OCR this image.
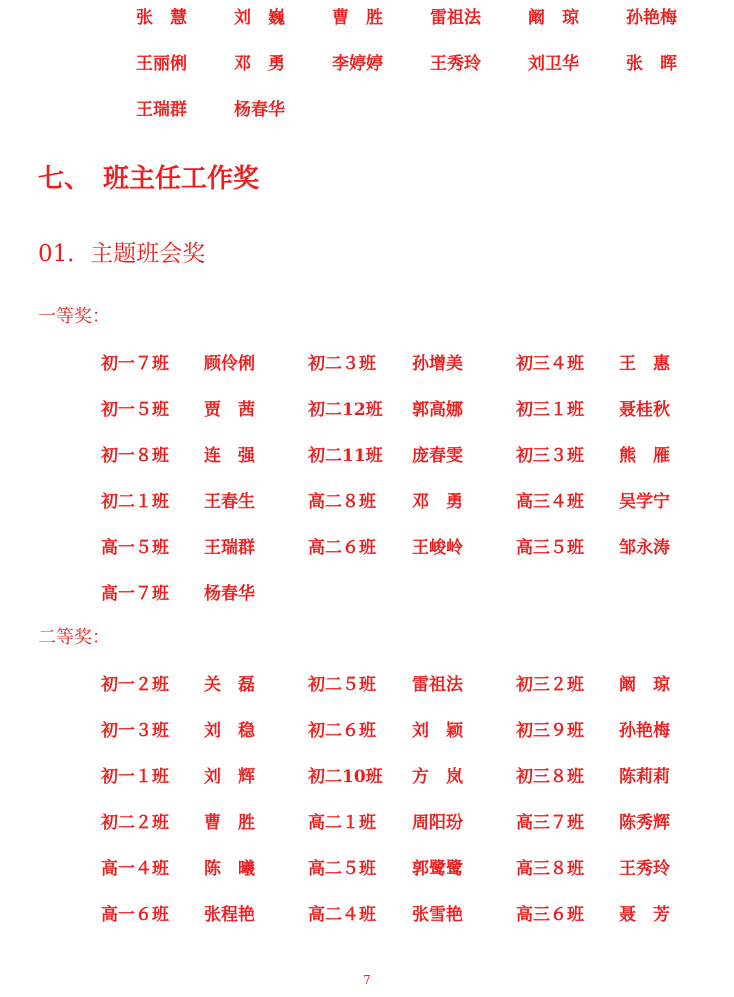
张　慧	刘　巍	曹　胜	雷祖法	阚　琼	孙艳梅
王丽俐	邓　勇	李婷婷	王秀玲	刘卫华	张　晖
王瑞群	杨春华
七、　班主任工作奖
01．主题班会奖

一等奖：

初一７班 顾伶俐	初二３班 孙增美	初三４班 王　惠
初一５班 贾　茜	初二12班 郭高娜	初三１班 聂桂秋
初一８班 连　强	初二11班 庞春雯	初三３班 熊　雁
初二１班 王春生	高二８班 邓　勇	高三４班 吴学宁
高一５班 王瑞群	高二６班 王峻岭	高三５班 邹永涛
高一７班 杨春华

二等奖：

初一２班 关　磊	初二５班 雷祖法	初三２班 阚　琼
初一３班 刘　稳	初二６班 刘　颖	初三９班 孙艳梅
初一１班 刘　辉	初二10班 方　岚	初三８班 陈莉莉
初二２班 曹　胜	高二１班 周阳玢	高三７班 陈秀辉
高一４班 陈　曦	高二５班 郭鹭鹭	高三８班 王秀玲
高一６班 张程艳	高二４班 张雪艳	高三６班 聂　芳
7
